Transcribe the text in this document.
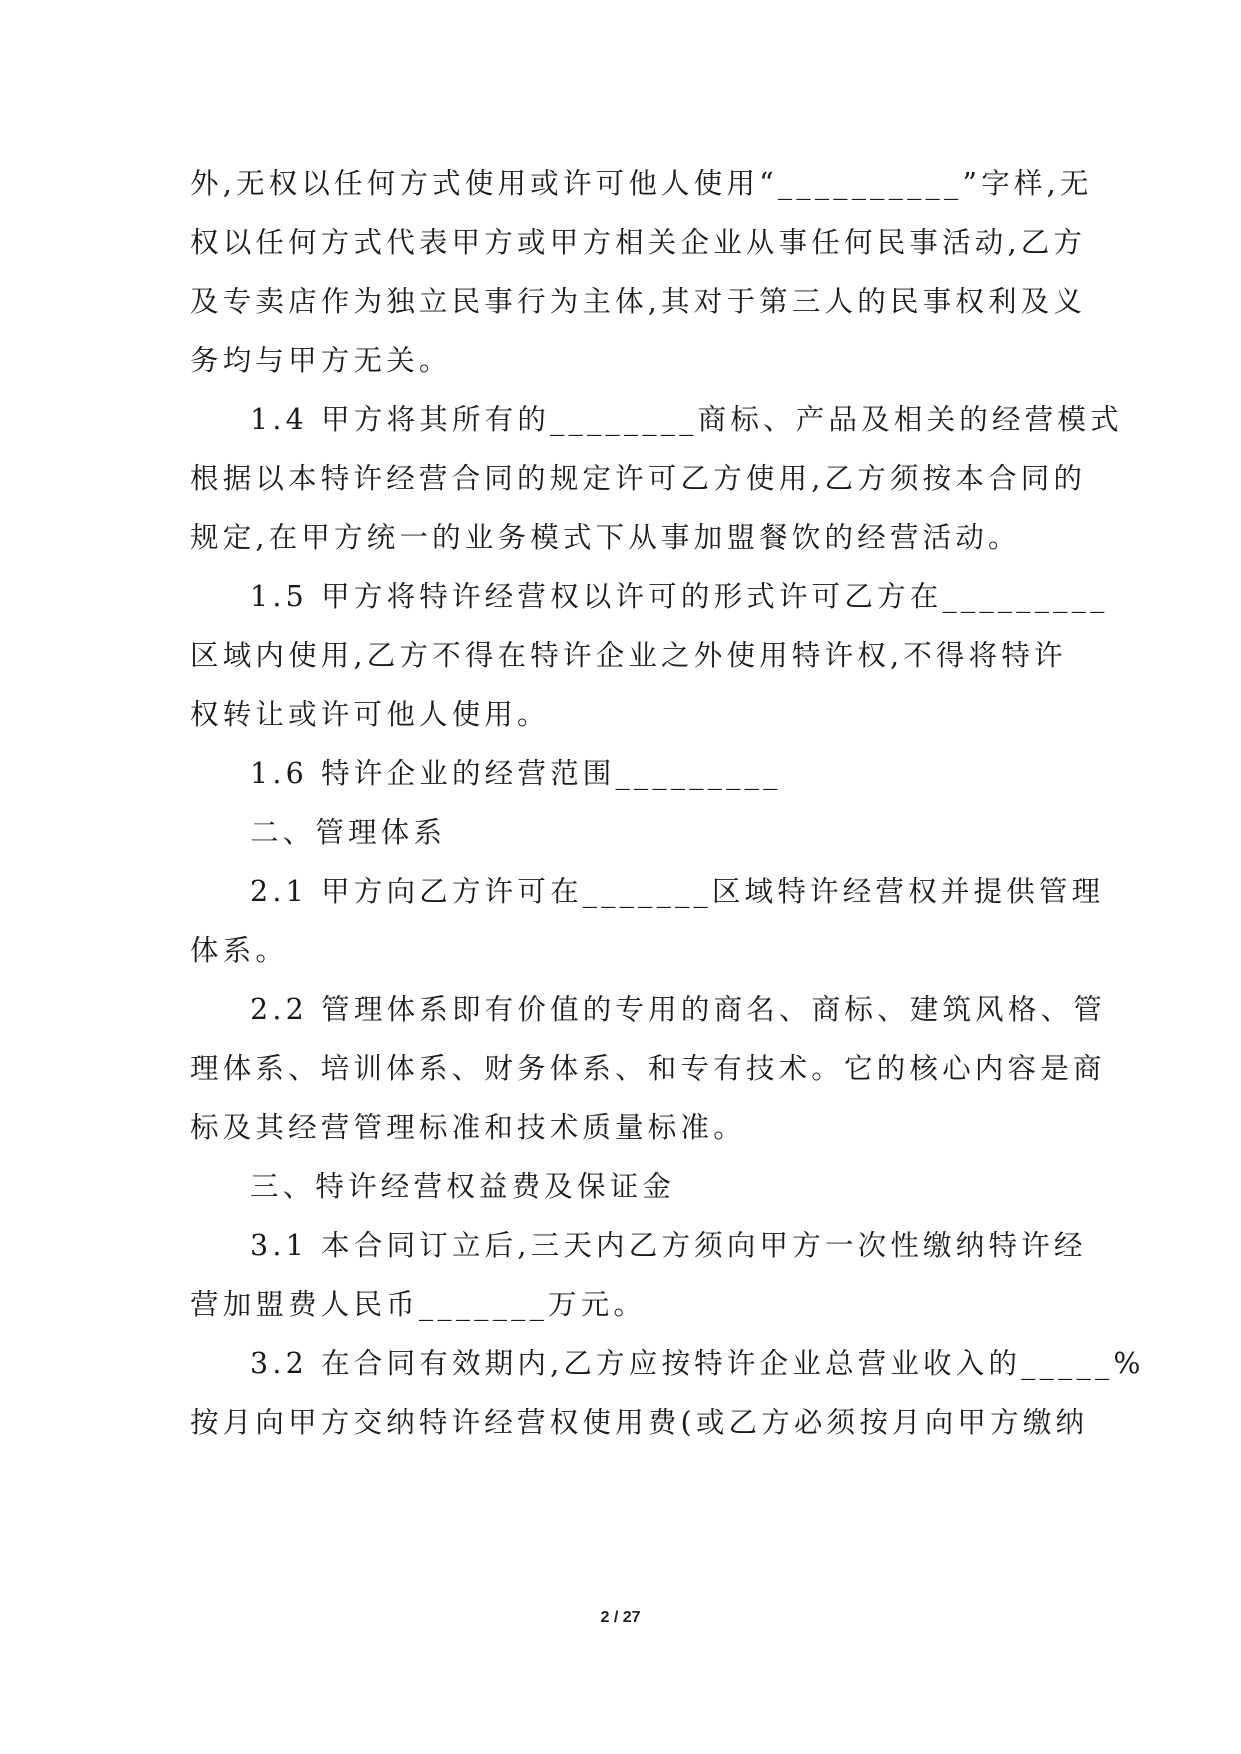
外,无权以任何方式使用或许可他人使用“__________”字样,无
权以任何方式代表甲方或甲方相关企业从事任何民事活动,乙方
及专卖店作为独立民事行为主体,其对于第三人的民事权利及义
务均与甲方无关。
1.4 甲方将其所有的________商标、产品及相关的经营模式
根据以本特许经营合同的规定许可乙方使用,乙方须按本合同的
规定,在甲方统一的业务模式下从事加盟餐饮的经营活动。
1.5 甲方将特许经营权以许可的形式许可乙方在_________
区域内使用,乙方不得在特许企业之外使用特许权,不得将特许
权转让或许可他人使用。
1.6 特许企业的经营范围_________
二、管理体系
2.1 甲方向乙方许可在_______区域特许经营权并提供管理
体系。
2.2 管理体系即有价值的专用的商名、商标、建筑风格、管
理体系、培训体系、财务体系、和专有技术。它的核心内容是商
标及其经营管理标准和技术质量标准。
三、特许经营权益费及保证金
3.1 本合同订立后,三天内乙方须向甲方一次性缴纳特许经
营加盟费人民币_______万元。
3.2 在合同有效期内,乙方应按特许企业总营业收入的_____%
按月向甲方交纳特许经营权使用费(或乙方必须按月向甲方缴纳
2 / 27
